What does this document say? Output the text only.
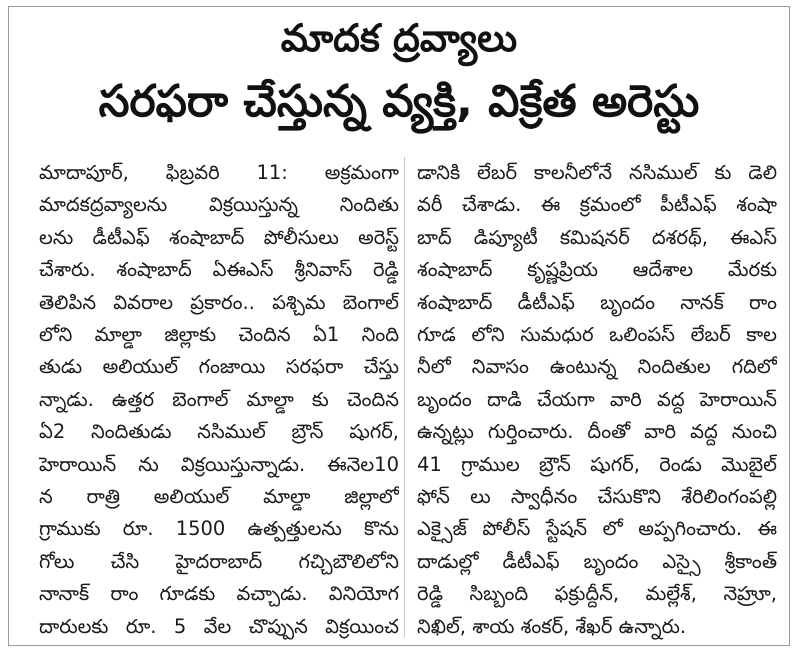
మాదక ద్రవ్యాలు
సరఫరా చేస్తున్న వ్యక్తి, విక్రేత అరెస్టు
మాదాపూర్, ఫిబ్రవరి 11: అక్రమంగా
మాదకద్రవ్యాలను విక్రయిస్తున్న నిందితు
లను డీటీఎఫ్ శంషాబాద్ పోలీసులు అరెస్ట్
చేశారు. శంషాబాద్ ఏఈఎస్ శ్రీనివాస్ రెడ్డి
తెలిపిన వివరాల ప్రకారం.. పశ్చిమ బెంగాల్
లోని మాల్డా జిల్లాకు చెందిన ఏ1 నింది
తుడు అలియుల్ గంజాయి సరఫరా చేస్తు
న్నాడు. ఉత్తర బెంగాల్ మాల్డా కు చెందిన
ఏ2 నిందితుడు నసిముల్ బ్రౌన్ షుగర్,
హెరాయిన్ ను విక్రయిస్తున్నాడు. ఈనెల10
న రాత్రి అలియుల్ మాల్డా జిల్లాలో
గ్రాముకు రూ. 1500 ఉత్పత్తులను కొను
గోలు చేసి హైదరాబాద్ గచ్చిబౌలిలోని
నానాక్ రాం గూడకు వచ్చాడు. వినియోగ
దారులకు రూ. 5 వేల చొప్పున విక్రయించ
డానికి లేబర్ కాలనీలోనే నసిముల్ కు డెలి
వరీ చేశాడు. ఈ క్రమంలో పీటీఎఫ్ శంషా
బాద్ డిప్యూటీ కమిషనర్ దశరథ్, ఈఎస్
శంషాబాద్ కృష్ణప్రియ ఆదేశాల మేరకు
శంషాబాద్ డీటీఎఫ్ బృందం నానక్ రాం
గూడ లోని సుమధుర ఒలింపస్ లేబర్ కాల
నీలో నివాసం ఉంటున్న నిందితుల గదిలో
బృందం దాడి చేయగా వారి వద్ద హెరాయిన్
ఉన్నట్లు గుర్తించారు. దీంతో వారి వద్ద నుంచి
41 గ్రాముల బ్రౌన్ షుగర్, రెండు మొబైల్
ఫోన్ లు స్వాధీనం చేసుకొని శేరిలింగంపల్లి
ఎక్సైజ్ పోలీస్ స్టేషన్ లో అప్పగించారు. ఈ
దాడుల్లో డీటీఎఫ్ బృందం ఎస్సై శ్రీకాంత్
రెడ్డి సిబ్బంది ఫక్రుద్దీన్, మల్లేశ్, నెహ్రూ,
నిఖిల్, శాయ శంకర్, శేఖర్ ఉన్నారు.
